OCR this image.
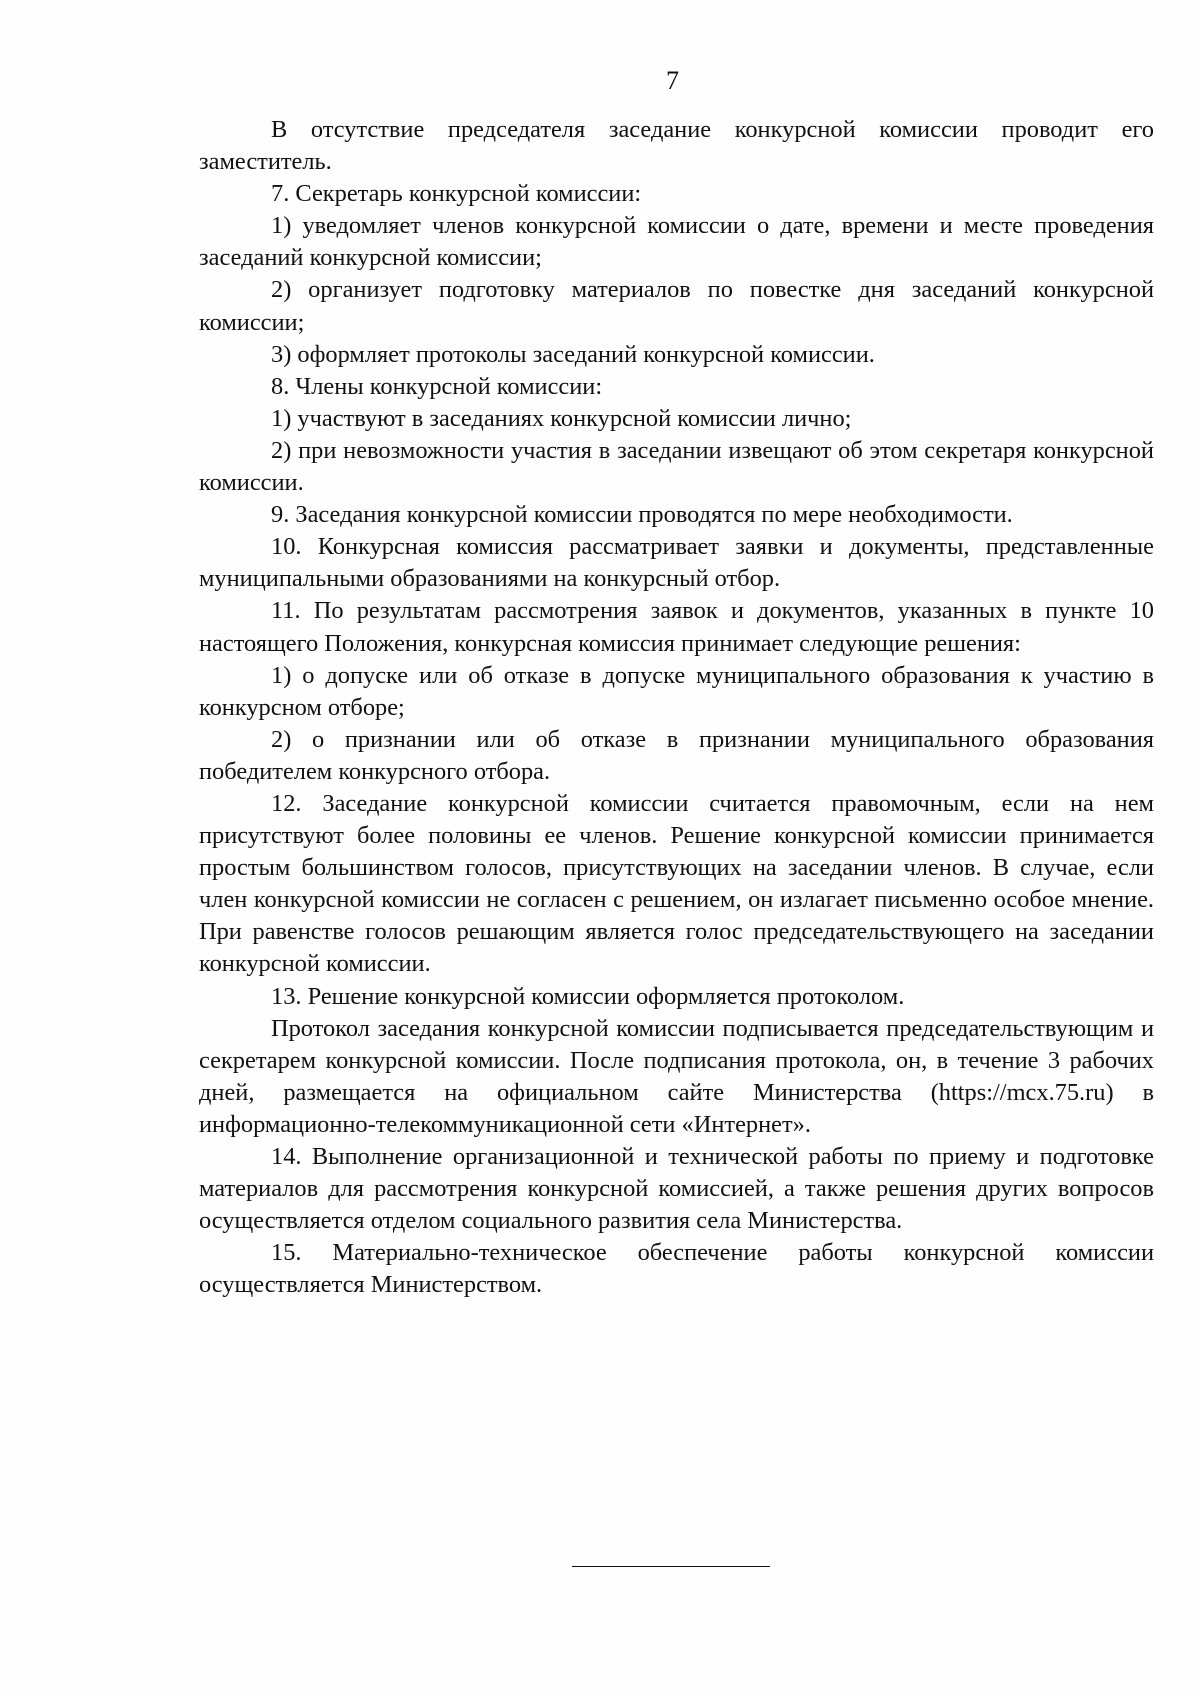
7

В отсутствие председателя заседание конкурсной комиссии проводит его заместитель.

7. Секретарь конкурсной комиссии:

1) уведомляет членов конкурсной комиссии о дате, времени и месте проведения заседаний конкурсной комиссии;

2) организует подготовку материалов по повестке дня заседаний конкурсной комиссии;

3) оформляет протоколы заседаний конкурсной комиссии.

8. Члены конкурсной комиссии:

1) участвуют в заседаниях конкурсной комиссии лично;

2) при невозможности участия в заседании извещают об этом секретаря конкурсной комиссии.

9. Заседания конкурсной комиссии проводятся по мере необходимости.

10. Конкурсная комиссия рассматривает заявки и документы, представленные муниципальными образованиями на конкурсный отбор.

11. По результатам рассмотрения заявок и документов, указанных в пункте 10 настоящего Положения, конкурсная комиссия принимает следующие решения:

1) о допуске или об отказе в допуске муниципального образования к участию в конкурсном отборе;

2) о признании или об отказе в признании муниципального образования победителем конкурсного отбора.

12. Заседание конкурсной комиссии считается правомочным, если на нем присутствуют более половины ее членов. Решение конкурсной комиссии принимается простым большинством голосов, присутствующих на заседании членов. В случае, если член конкурсной комиссии не согласен с решением, он излагает письменно особое мнение. При равенстве голосов решающим является голос председательствующего на заседании конкурсной комиссии.

13. Решение конкурсной комиссии оформляется протоколом.

Протокол заседания конкурсной комиссии подписывается председательствующим и секретарем конкурсной комиссии. После подписания протокола, он, в течение 3 рабочих дней, размещается на официальном сайте Министерства (https://mcx.75.ru) в информационно-телекоммуникационной сети «Интернет».

14. Выполнение организационной и технической работы по приему и подготовке материалов для рассмотрения конкурсной комиссией, а также решения других вопросов осуществляется отделом социального развития села Министерства.

15. Материально-техническое обеспечение работы конкурсной комиссии осуществляется Министерством.
